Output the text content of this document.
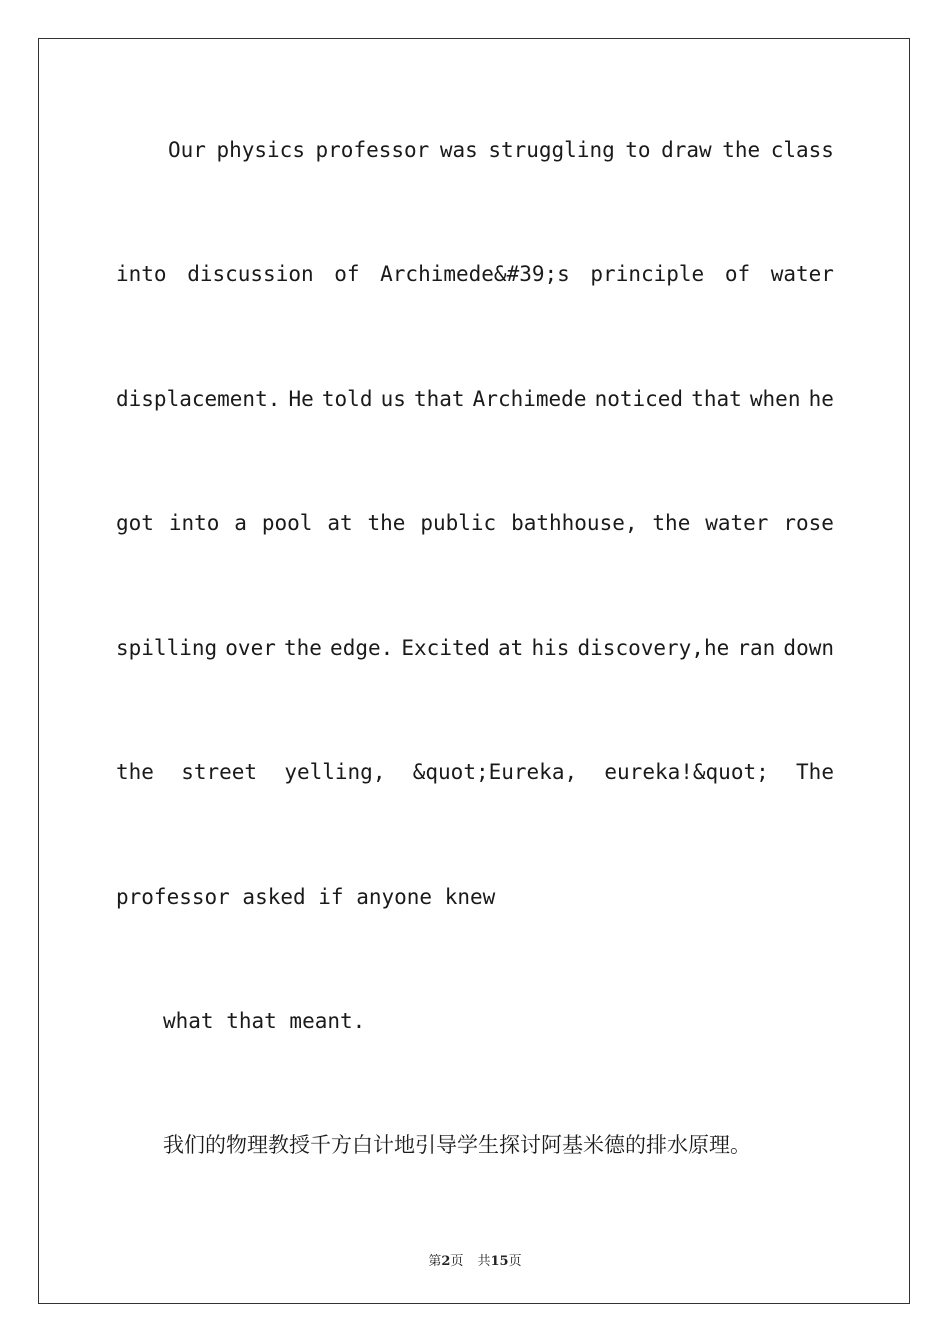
Our physics professor was struggling to draw the class
into discussion of Archimede&#39;s principle of water
displacement. He told us that Archimede noticed that when he
got into a pool at the public bathhouse, the water rose
spilling over the edge. Excited at his discovery,he ran down
the street yelling, &quot;Eureka, eureka!&quot; The
professor asked if anyone knew
what that meant.
我们的物理教授千方白计地引导学生探讨阿基米德的排水原理。
第2页 共15页
